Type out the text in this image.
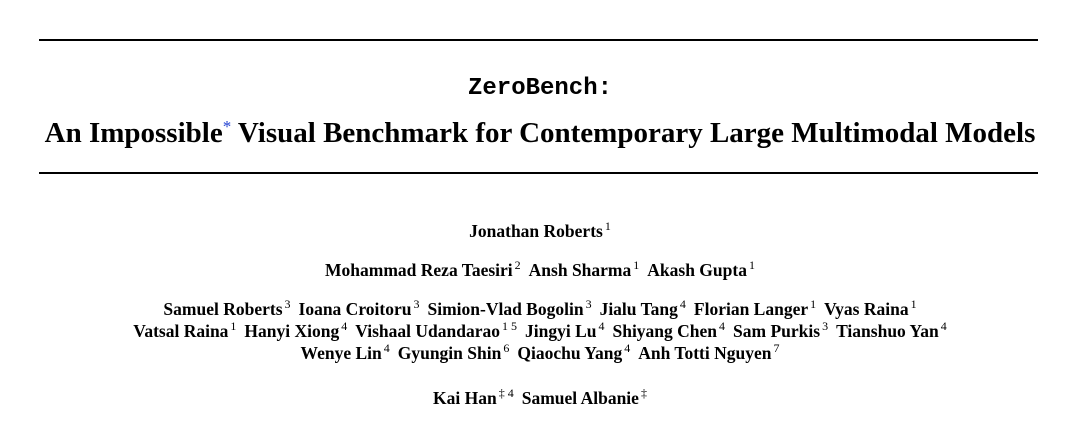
ZeroBench:
An Impossible* Visual Benchmark for Contemporary Large Multimodal Models
Jonathan Roberts $^1$
Mohammad Reza Taesiri $^2$ Ansh Sharma $^1$ Akash Gupta $^1$
Samuel Roberts $^3$ Ioana Croitoru $^3$ Simion-Vlad Bogolin $^3$ Jialu Tang $^4$ Florian Langer $^1$ Vyas Raina $^1$
Vatsal Raina $^1$ Hanyi Xiong $^4$ Vishaal Udandarao $^{1 5}$ Jingyi Lu $^4$ Shiyang Chen $^4$ Sam Purkis $^3$ Tianshuo Yan $^4$
Wenye Lin $^4$ Gyungin Shin $^6$ Qiaochu Yang $^4$ Anh Totti Nguyen $^7$
Kai Han $^{\ddagger 4}$ Samuel Albanie ‡
